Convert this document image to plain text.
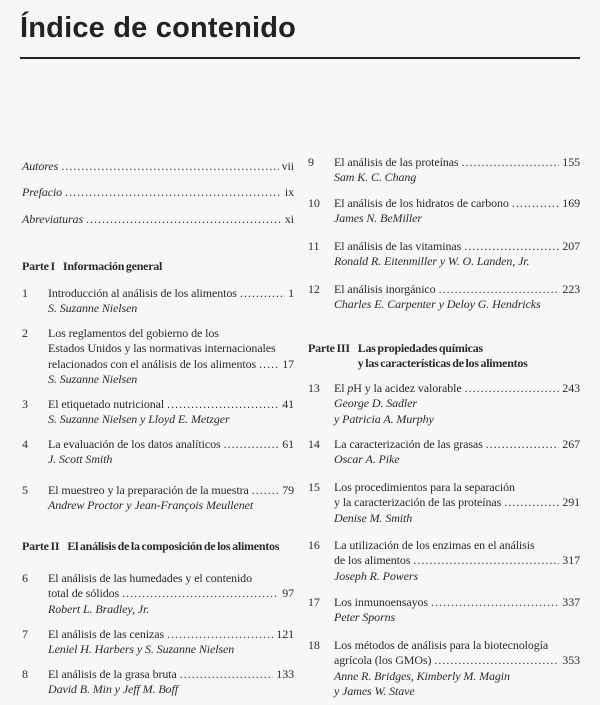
Índice de contenido
Autores .....	vii
Prefacio .....	ix
Abreviaturas .....	xi
Parte I Información general
Parte II El análisis de la composición de los alimentos
Parte III Las propiedades químicas
y las características de los alimentos
1 Introducción al análisis de los alimentos .....	1
S. Suzanne Nielsen
2 Los reglamentos del gobierno de los
Estados Unidos y las normativas internacionales
relacionados con el análisis de los alimentos ..... 17
S. Suzanne Nielsen
3 El etiquetado nutricional .....	41
S. Suzanne Nielsen y Lloyd E. Metzger
4 La evaluación de los datos analíticos .....	61
J. Scott Smith
5 El muestreo y la preparación de la muestra .....	79
Andrew Proctor y Jean-François Meullenet
6 El análisis de las humedades y el contenido
total de sólidos .....	97
Robert L. Bradley, Jr.
7 El análisis de las cenizas .....	121
Leniel H. Harbers y S. Suzanne Nielsen
8 El análisis de la grasa bruta .....	133
David B. Min y Jeff M. Boff
9 El análisis de las proteínas .....	155
Sam K. C. Chang
10 El análisis de los hidratos de carbono .....	169
James N. BeMiller
11 El análisis de las vitaminas .....	207
Ronald R. Eitenmiller y W. O. Landen, Jr.
12 El análisis inorgánico .....	223
Charles E. Carpenter y Deloy G. Hendricks
13 El pH y la acidez valorable .....	243
George D. Sadler
y Patricia A. Murphy
14 La caracterización de las grasas .....	267
Oscar A. Pike
15 Los procedimientos para la separación
y la caracterización de las proteínas .....	291
Denise M. Smith
16 La utilización de los enzimas en el análisis
de los alimentos .....	317
Joseph R. Powers
17 Los inmunoensayos .....	337
Peter Sporns
18 Los métodos de análisis para la biotecnología
agrícola (los GMOs) .....	353
Anne R. Bridges, Kimberly M. Magin
y James W. Stave
